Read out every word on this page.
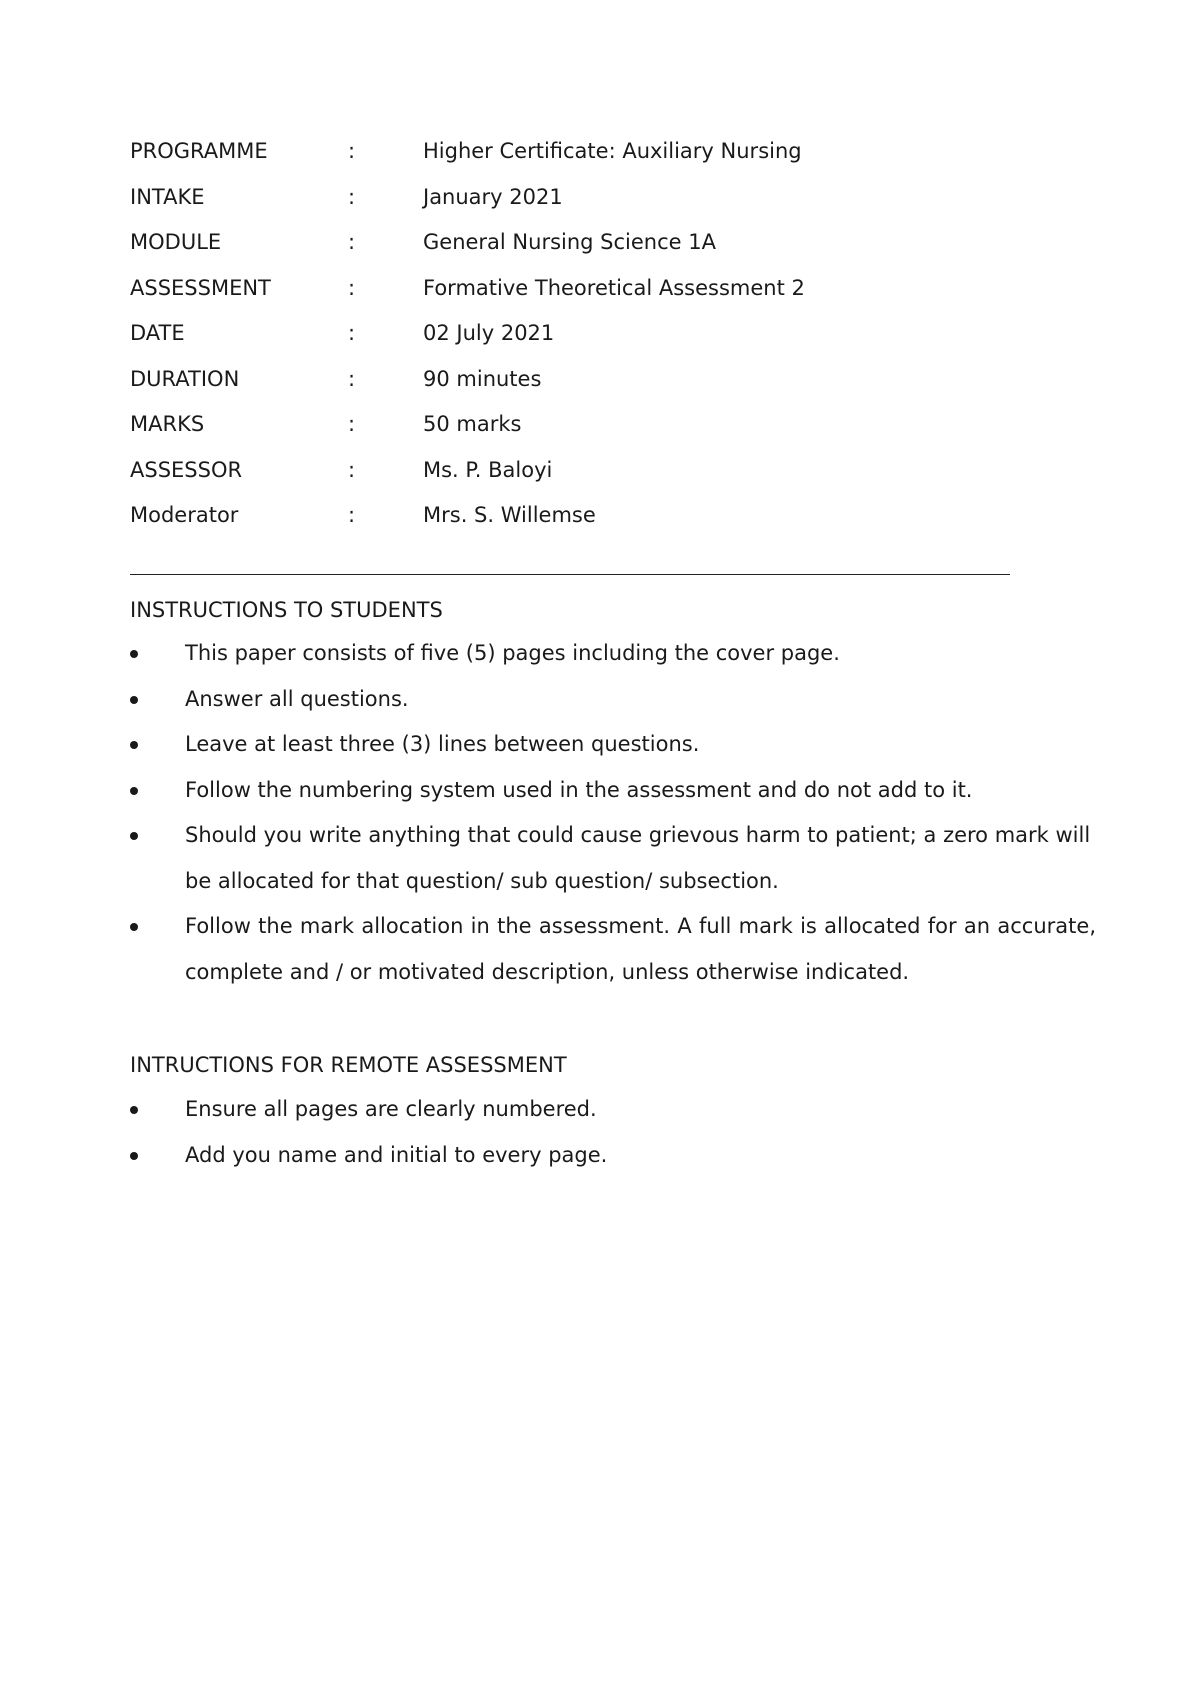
PROGRAMME	:	Higher Certificate: Auxiliary Nursing
INTAKE	:	January 2021
MODULE	:	General Nursing Science 1A
ASSESSMENT	:	Formative Theoretical Assessment 2
DATE	:	02 July 2021
DURATION	:	90 minutes
MARKS	:	50 marks
ASSESSOR	:	Ms. P. Baloyi
Moderator	:	Mrs. S. Willemse
INSTRUCTIONS TO STUDENTS
This paper consists of five (5) pages including the cover page.
Answer all questions.
Leave at least three (3) lines between questions.
Follow the numbering system used in the assessment and do not add to it.
Should you write anything that could cause grievous harm to patient; a zero mark will be allocated for that question/ sub question/ subsection.
Follow the mark allocation in the assessment. A full mark is allocated for an accurate, complete and / or motivated description, unless otherwise indicated.
INTRUCTIONS FOR REMOTE ASSESSMENT
Ensure all pages are clearly numbered.
Add you name and initial to every page.
